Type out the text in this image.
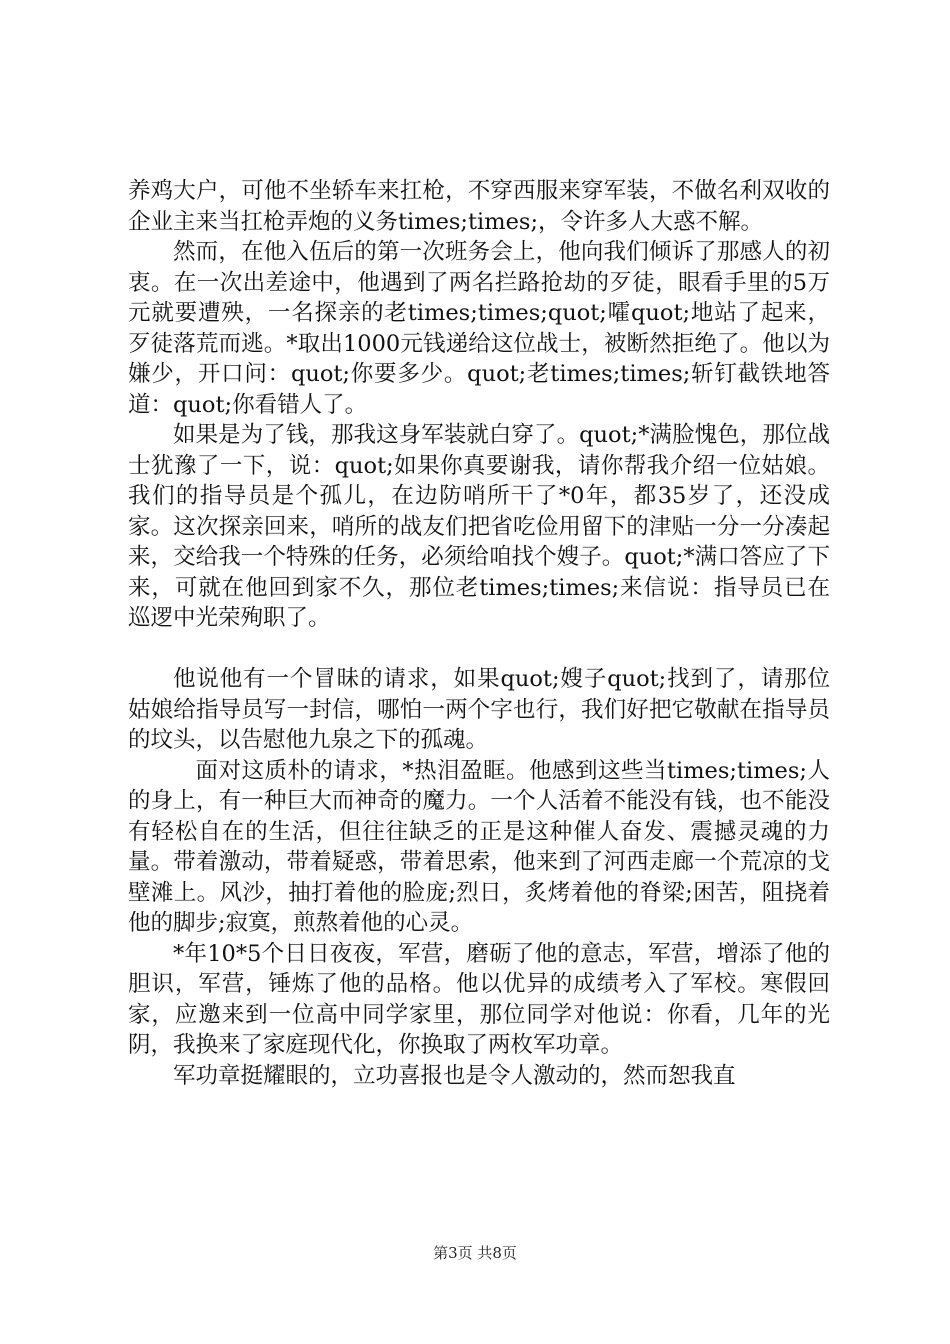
养鸡大户，可他不坐轿车来扛枪，不穿西服来穿军装，不做名利双收的企业主来当扛枪弄炮的义务times;times;，令许多人大惑不解。

然而，在他入伍后的第一次班务会上，他向我们倾诉了那感人的初衷。在一次出差途中，他遇到了两名拦路抢劫的歹徒，眼看手里的5万元就要遭殃，一名探亲的老times;times;quot;嚯quot;地站了起来，歹徒落荒而逃。*取出1000元钱递给这位战士，被断然拒绝了。他以为嫌少，开口问：quot;你要多少。quot;老times;times;斩钉截铁地答道：quot;你看错人了。

如果是为了钱，那我这身军装就白穿了。quot;*满脸愧色，那位战士犹豫了一下，说：quot;如果你真要谢我，请你帮我介绍一位姑娘。我们的指导员是个孤儿，在边防哨所干了*0年，都35岁了，还没成家。这次探亲回来，哨所的战友们把省吃俭用留下的津贴一分一分凑起来，交给我一个特殊的任务，必须给咱找个嫂子。quot;*满口答应了下来，可就在他回到家不久，那位老times;times;来信说：指导员已在巡逻中光荣殉职了。

他说他有一个冒昧的请求，如果quot;嫂子quot;找到了，请那位姑娘给指导员写一封信，哪怕一两个字也行，我们好把它敬献在指导员的坟头，以告慰他九泉之下的孤魂。

面对这质朴的请求，*热泪盈眶。他感到这些当times;times;人的身上，有一种巨大而神奇的魔力。一个人活着不能没有钱，也不能没有轻松自在的生活，但往往缺乏的正是这种催人奋发、震撼灵魂的力量。带着激动，带着疑惑，带着思索，他来到了河西走廊一个荒凉的戈壁滩上。风沙，抽打着他的脸庞;烈日，炙烤着他的脊梁;困苦，阻挠着他的脚步;寂寞，煎熬着他的心灵。

*年10*5个日日夜夜，军营，磨砺了他的意志，军营，增添了他的胆识，军营，锤炼了他的品格。他以优异的成绩考入了军校。寒假回家，应邀来到一位高中同学家里，那位同学对他说：你看，几年的光阴，我换来了家庭现代化，你换取了两枚军功章。

军功章挺耀眼的，立功喜报也是令人激动的，然而恕我直

第3页 共8页
